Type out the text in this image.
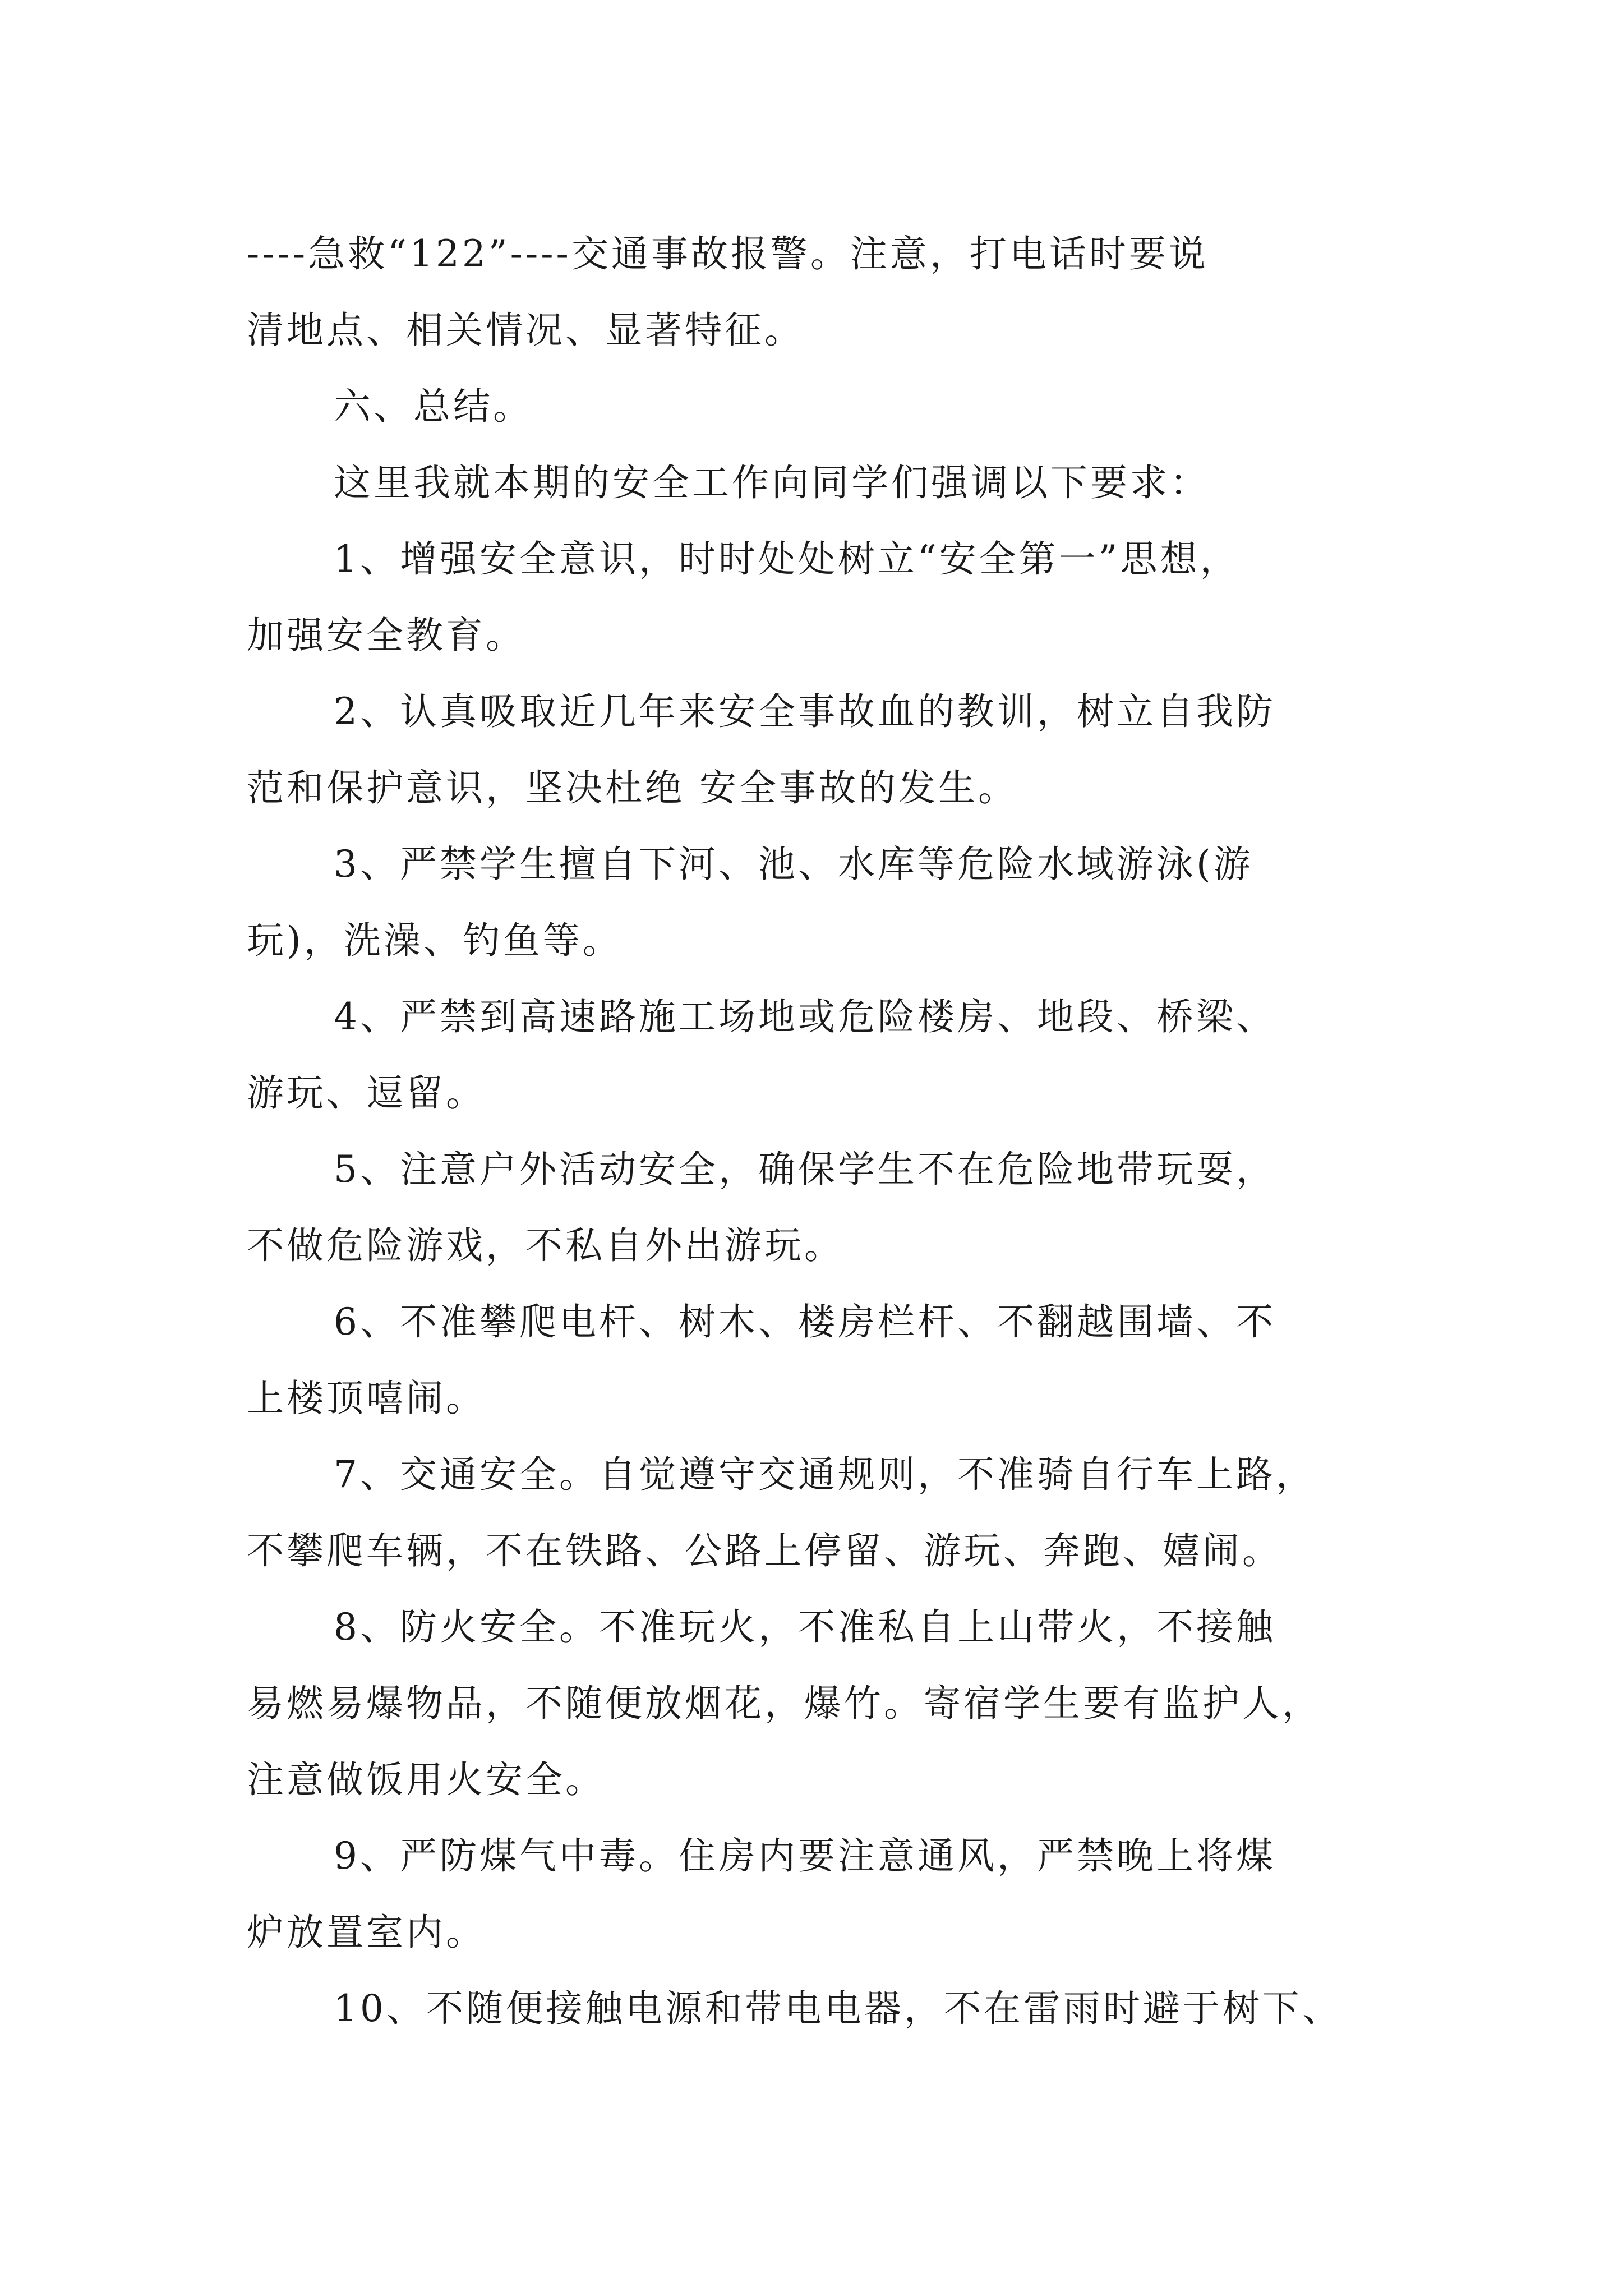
----急救“122”----交通事故报警。注意，打电话时要说
清地点、相关情况、显著特征。

六、总结。

这里我就本期的安全工作向同学们强调以下要求：

1、增强安全意识，时时处处树立“安全第一”思想，
加强安全教育。

2、认真吸取近几年来安全事故血的教训，树立自我防
范和保护意识，坚决杜绝 安全事故的发生。

3、严禁学生擅自下河、池、水库等危险水域游泳(游
玩)，洗澡、钓鱼等。

4、严禁到高速路施工场地或危险楼房、地段、桥梁、
游玩、逗留。

5、注意户外活动安全，确保学生不在危险地带玩耍，
不做危险游戏，不私自外出游玩。

6、不准攀爬电杆、树木、楼房栏杆、不翻越围墙、不
上楼顶嘻闹。

7、交通安全。自觉遵守交通规则，不准骑自行车上路，
不攀爬车辆，不在铁路、公路上停留、游玩、奔跑、嬉闹。

8、防火安全。不准玩火，不准私自上山带火，不接触
易燃易爆物品，不随便放烟花，爆竹。寄宿学生要有监护人，
注意做饭用火安全。

9、严防煤气中毒。住房内要注意通风，严禁晚上将煤
炉放置室内。

10、不随便接触电源和带电电器，不在雷雨时避于树下、
